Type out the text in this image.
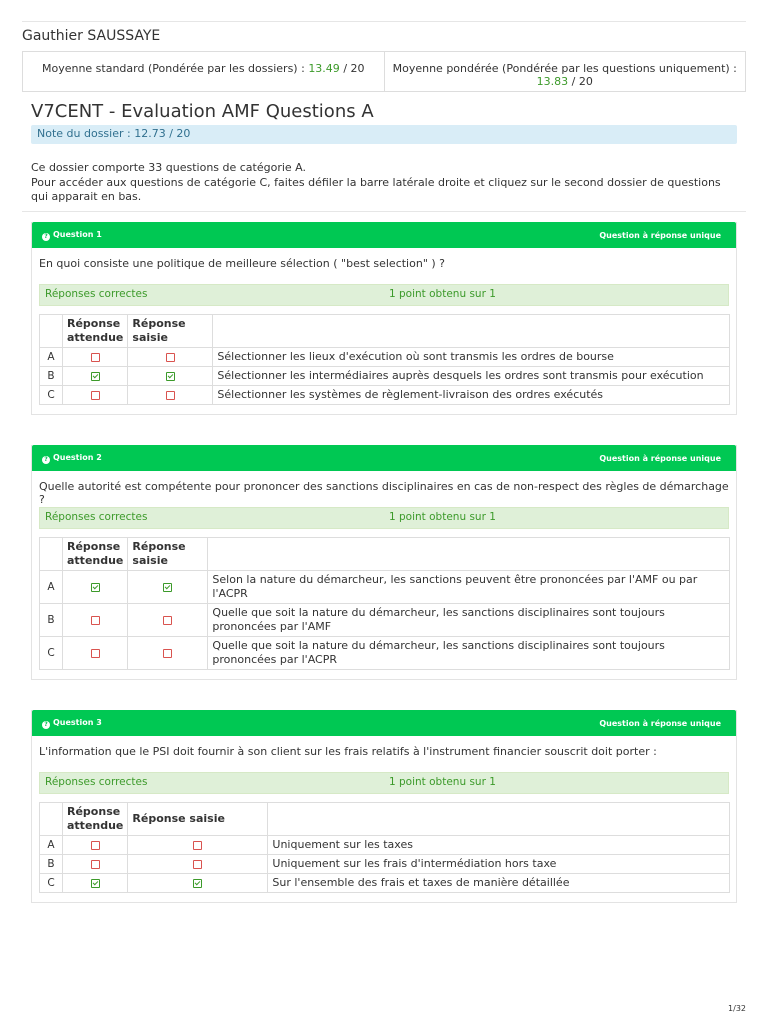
Gauthier SAUSSAYE
Moyenne standard (Pondérée par les dossiers) : 13.49 / 20	Moyenne pondérée (Pondérée par les questions uniquement) : 13.83 / 20
V7CENT - Evaluation AMF Questions A
Note du dossier : 12.73 / 20
Ce dossier comporte 33 questions de catégorie A.
Pour accéder aux questions de catégorie C, faites défiler la barre latérale droite et cliquez sur le second dossier de questions qui apparait en bas.
? Question 1	Question à réponse unique
En quoi consiste une politique de meilleure sélection ( "best selection" ) ?
Réponses correctes	1 point obtenu sur 1
	Réponse attendue	Réponse saisie	
A			Sélectionner les lieux d'exécution où sont transmis les ordres de bourse
B			Sélectionner les intermédiaires auprès desquels les ordres sont transmis pour exécution
C			Sélectionner les systèmes de règlement-livraison des ordres exécutés
? Question 2	Question à réponse unique
Quelle autorité est compétente pour prononcer des sanctions disciplinaires en cas de non-respect des règles de démarchage ?
Réponses correctes	1 point obtenu sur 1
	Réponse attendue	Réponse saisie	
A			Selon la nature du démarcheur, les sanctions peuvent être prononcées par l'AMF ou par l'ACPR
B			Quelle que soit la nature du démarcheur, les sanctions disciplinaires sont toujours prononcées par l'AMF
C			Quelle que soit la nature du démarcheur, les sanctions disciplinaires sont toujours prononcées par l'ACPR
? Question 3	Question à réponse unique
L'information que le PSI doit fournir à son client sur les frais relatifs à l'instrument financier souscrit doit porter :
Réponses correctes	1 point obtenu sur 1
	Réponse attendue	Réponse saisie	
A			Uniquement sur les taxes
B			Uniquement sur les frais d'intermédiation hors taxe
C			Sur l'ensemble des frais et taxes de manière détaillée
1/32
